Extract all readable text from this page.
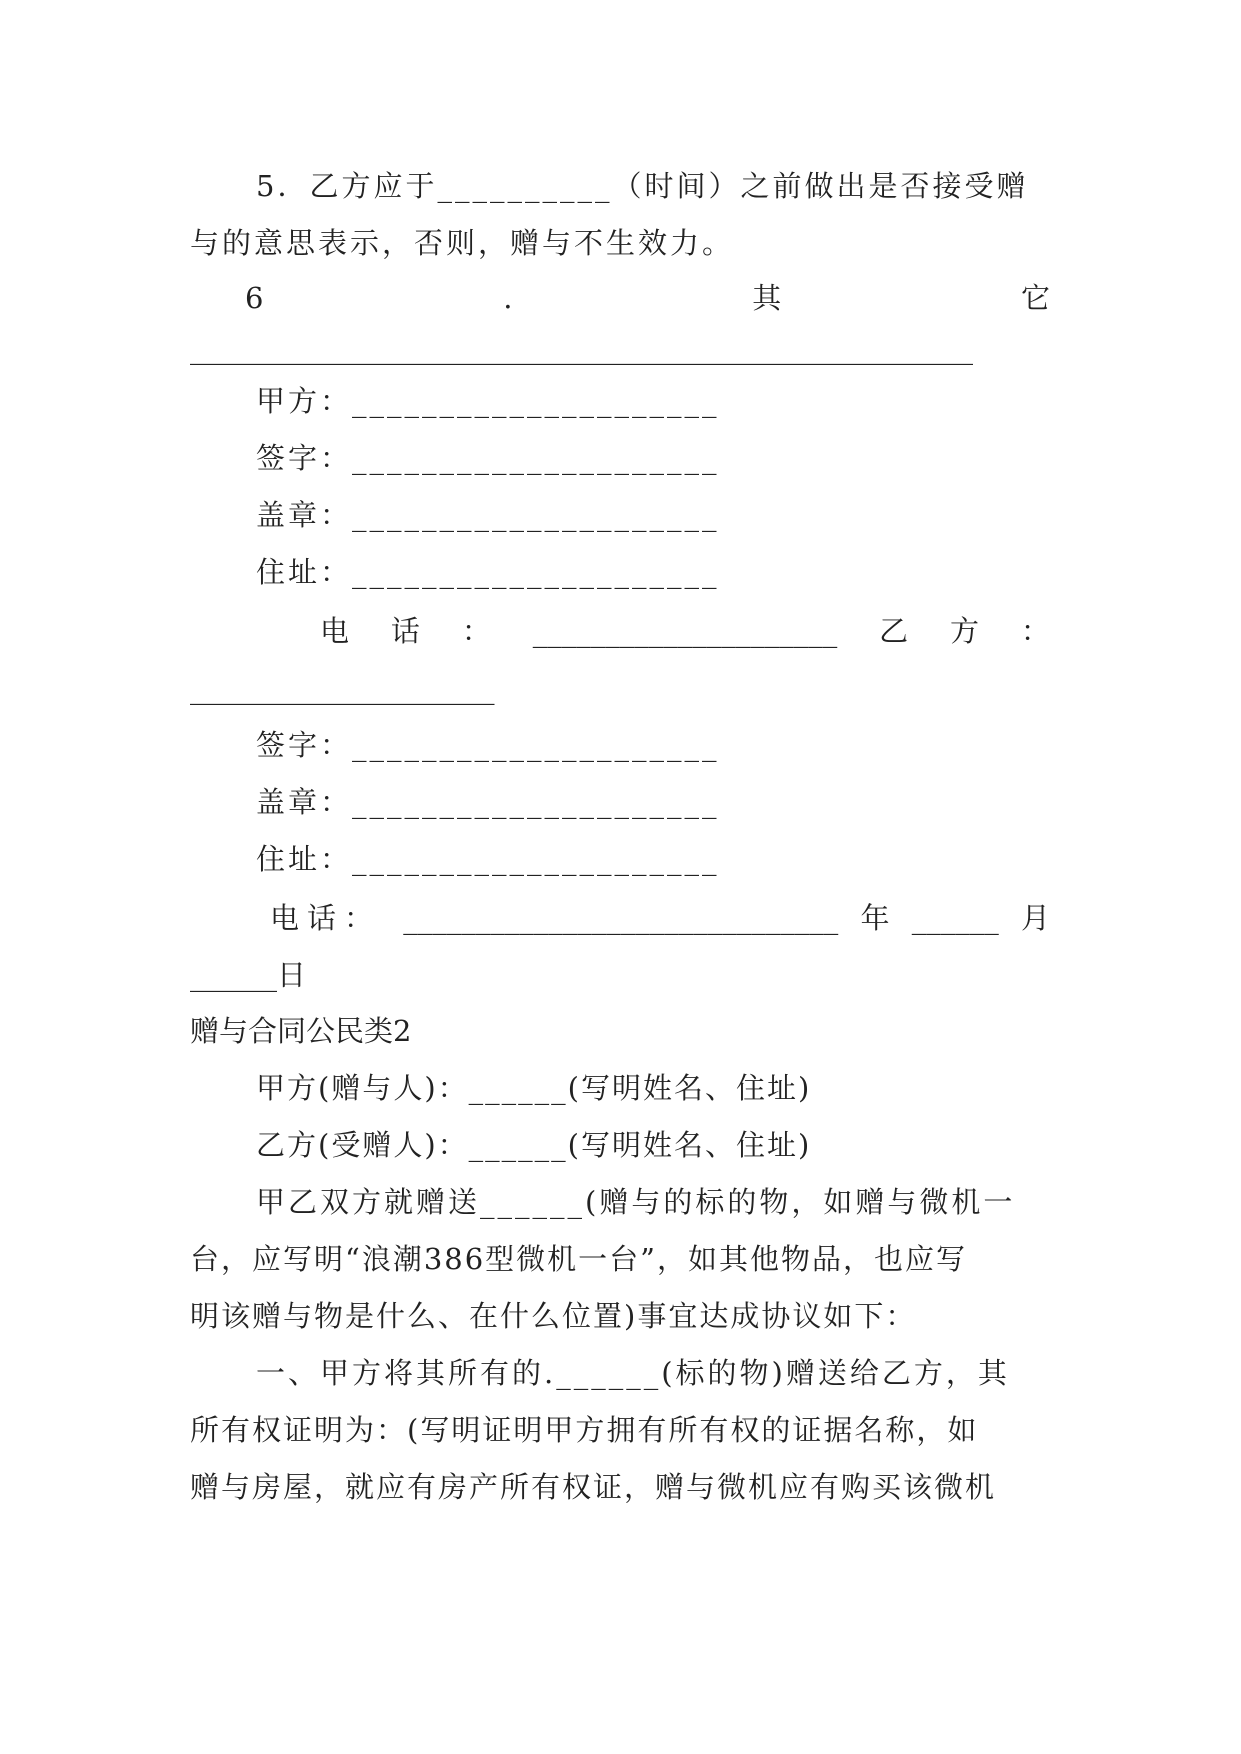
5．乙方应于__________（时间）之前做出是否接受赠
与的意思表示，否则，赠与不生效力。
6	.	其	它
______________________________________________________
甲方：_____________________
签字：_____________________
盖章：_____________________
住址：_____________________
电 话 ： _____________________ 乙 方 ：
_____________________
签字：_____________________
盖章：_____________________
住址：_____________________
电话： ______________________________ 年 ______ 月
______日
赠与合同公民类2
甲方(赠与人)：______(写明姓名、住址)
乙方(受赠人)：______(写明姓名、住址)
甲乙双方就赠送______(赠与的标的物，如赠与微机一
台，应写明“浪潮386型微机一台”，如其他物品，也应写
明该赠与物是什么、在什么位置)事宜达成协议如下：
一、甲方将其所有的.______(标的物)赠送给乙方，其
所有权证明为：(写明证明甲方拥有所有权的证据名称，如
赠与房屋，就应有房产所有权证，赠与微机应有购买该微机
